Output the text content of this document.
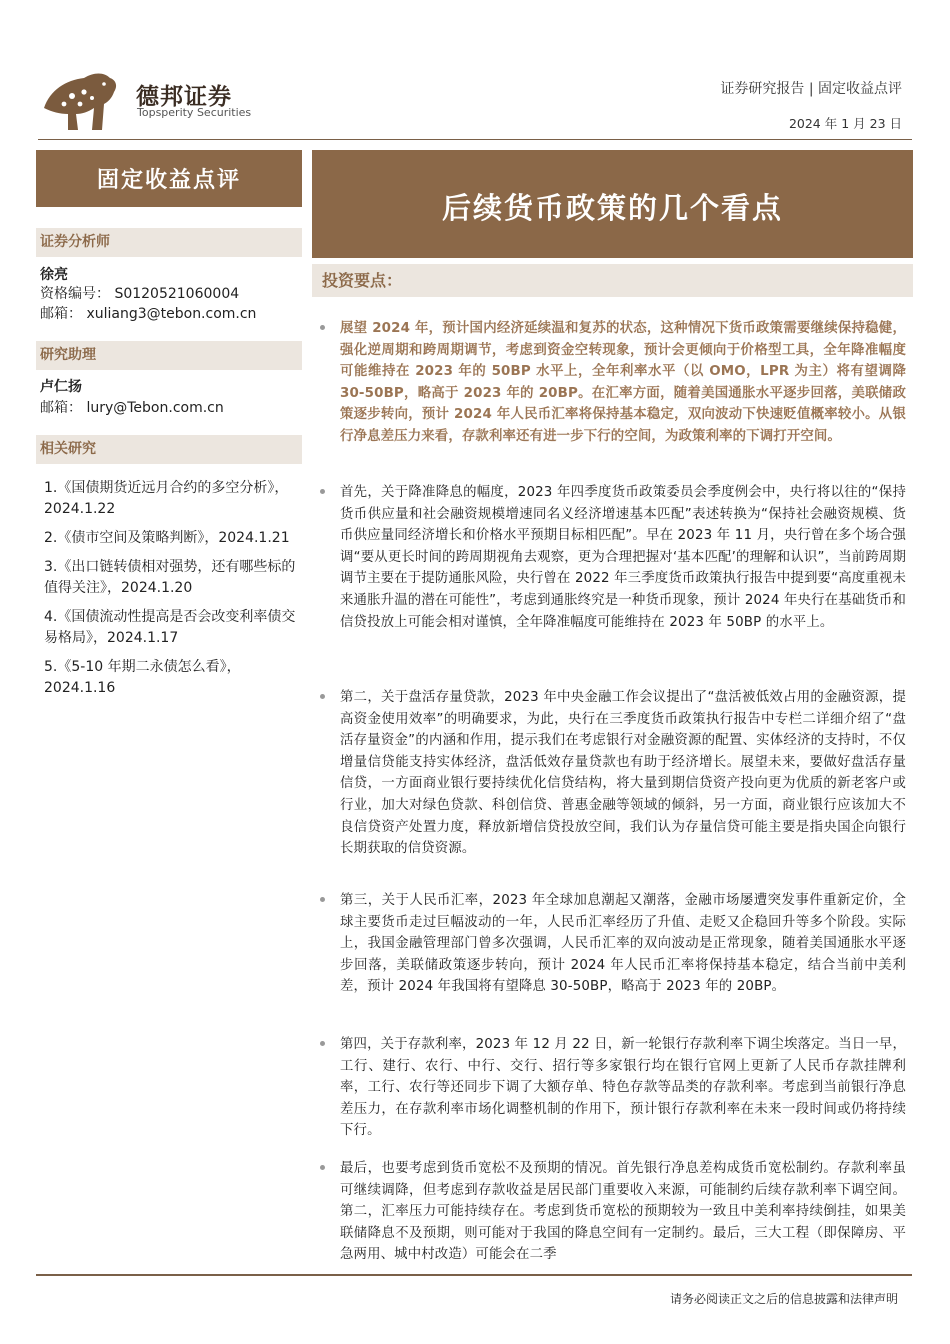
德邦证券
Topsperity Securities
证券研究报告 | 固定收益点评
2024 年 1 月 23 日
固定收益点评
证券分析师
徐亮
资格编号： S0120521060004
邮箱： xuliang3@tebon.com.cn
研究助理
卢仁扬
邮箱： lury@Tebon.com.cn
相关研究
1.《国债期货近远月合约的多空分析》，2024.1.22
2.《债市空间及策略判断》，2024.1.21
3.《出口链转债相对强势，还有哪些标的值得关注》，2024.1.20
4.《国债流动性提高是否会改变利率债交易格局》，2024.1.17
5.《5-10 年期二永债怎么看》，2024.1.16
后续货币政策的几个看点
投资要点：
展望 2024 年，预计国内经济延续温和复苏的状态，这种情况下货币政策需要继续保持稳健，强化逆周期和跨周期调节，考虑到资金空转现象，预计会更倾向于价格型工具，全年降准幅度可能维持在 2023 年的 50BP 水平上，全年利率水平（以 OMO，LPR 为主）将有望调降 30-50BP，略高于 2023 年的 20BP。在汇率方面，随着美国通胀水平逐步回落，美联储政策逐步转向，预计 2024 年人民币汇率将保持基本稳定，双向波动下快速贬值概率较小。从银行净息差压力来看，存款利率还有进一步下行的空间，为政策利率的下调打开空间。
首先，关于降准降息的幅度，2023 年四季度货币政策委员会季度例会中，央行将以往的“保持货币供应量和社会融资规模增速同名义经济增速基本匹配”表述转换为“保持社会融资规模、货币供应量同经济增长和价格水平预期目标相匹配”。早在 2023 年 11 月，央行曾在多个场合强调“要从更长时间的跨周期视角去观察，更为合理把握对‘基本匹配’的理解和认识”，当前跨周期调节主要在于提防通胀风险，央行曾在 2022 年三季度货币政策执行报告中提到要“高度重视未来通胀升温的潜在可能性”，考虑到通胀终究是一种货币现象，预计 2024 年央行在基础货币和信贷投放上可能会相对谨慎，全年降准幅度可能维持在 2023 年 50BP 的水平上。
第二，关于盘活存量贷款，2023 年中央金融工作会议提出了“盘活被低效占用的金融资源，提高资金使用效率”的明确要求，为此，央行在三季度货币政策执行报告中专栏二详细介绍了“盘活存量资金”的内涵和作用，提示我们在考虑银行对金融资源的配置、实体经济的支持时，不仅增量信贷能支持实体经济，盘活低效存量贷款也有助于经济增长。展望未来，要做好盘活存量信贷，一方面商业银行要持续优化信贷结构，将大量到期信贷资产投向更为优质的新老客户或行业，加大对绿色贷款、科创信贷、普惠金融等领域的倾斜，另一方面，商业银行应该加大不良信贷资产处置力度，释放新增信贷投放空间，我们认为存量信贷可能主要是指央国企向银行长期获取的信贷资源。
第三，关于人民币汇率，2023 年全球加息潮起又潮落，金融市场屡遭突发事件重新定价，全球主要货币走过巨幅波动的一年，人民币汇率经历了升值、走贬又企稳回升等多个阶段。实际上，我国金融管理部门曾多次强调，人民币汇率的双向波动是正常现象，随着美国通胀水平逐步回落，美联储政策逐步转向，预计 2024 年人民币汇率将保持基本稳定，结合当前中美利差，预计 2024 年我国将有望降息 30-50BP，略高于 2023 年的 20BP。
第四，关于存款利率，2023 年 12 月 22 日，新一轮银行存款利率下调尘埃落定。当日一早，工行、建行、农行、中行、交行、招行等多家银行均在银行官网上更新了人民币存款挂牌利率，工行、农行等还同步下调了大额存单、特色存款等品类的存款利率。考虑到当前银行净息差压力，在存款利率市场化调整机制的作用下，预计银行存款利率在未来一段时间或仍将持续下行。
最后，也要考虑到货币宽松不及预期的情况。首先银行净息差构成货币宽松制约。存款利率虽可继续调降，但考虑到存款收益是居民部门重要收入来源，可能制约后续存款利率下调空间。第二，汇率压力可能持续存在。考虑到货币宽松的预期较为一致且中美利率持续倒挂，如果美联储降息不及预期，则可能对于我国的降息空间有一定制约。最后，三大工程（即保障房、平急两用、城中村改造）可能会在二季
请务必阅读正文之后的信息披露和法律声明
